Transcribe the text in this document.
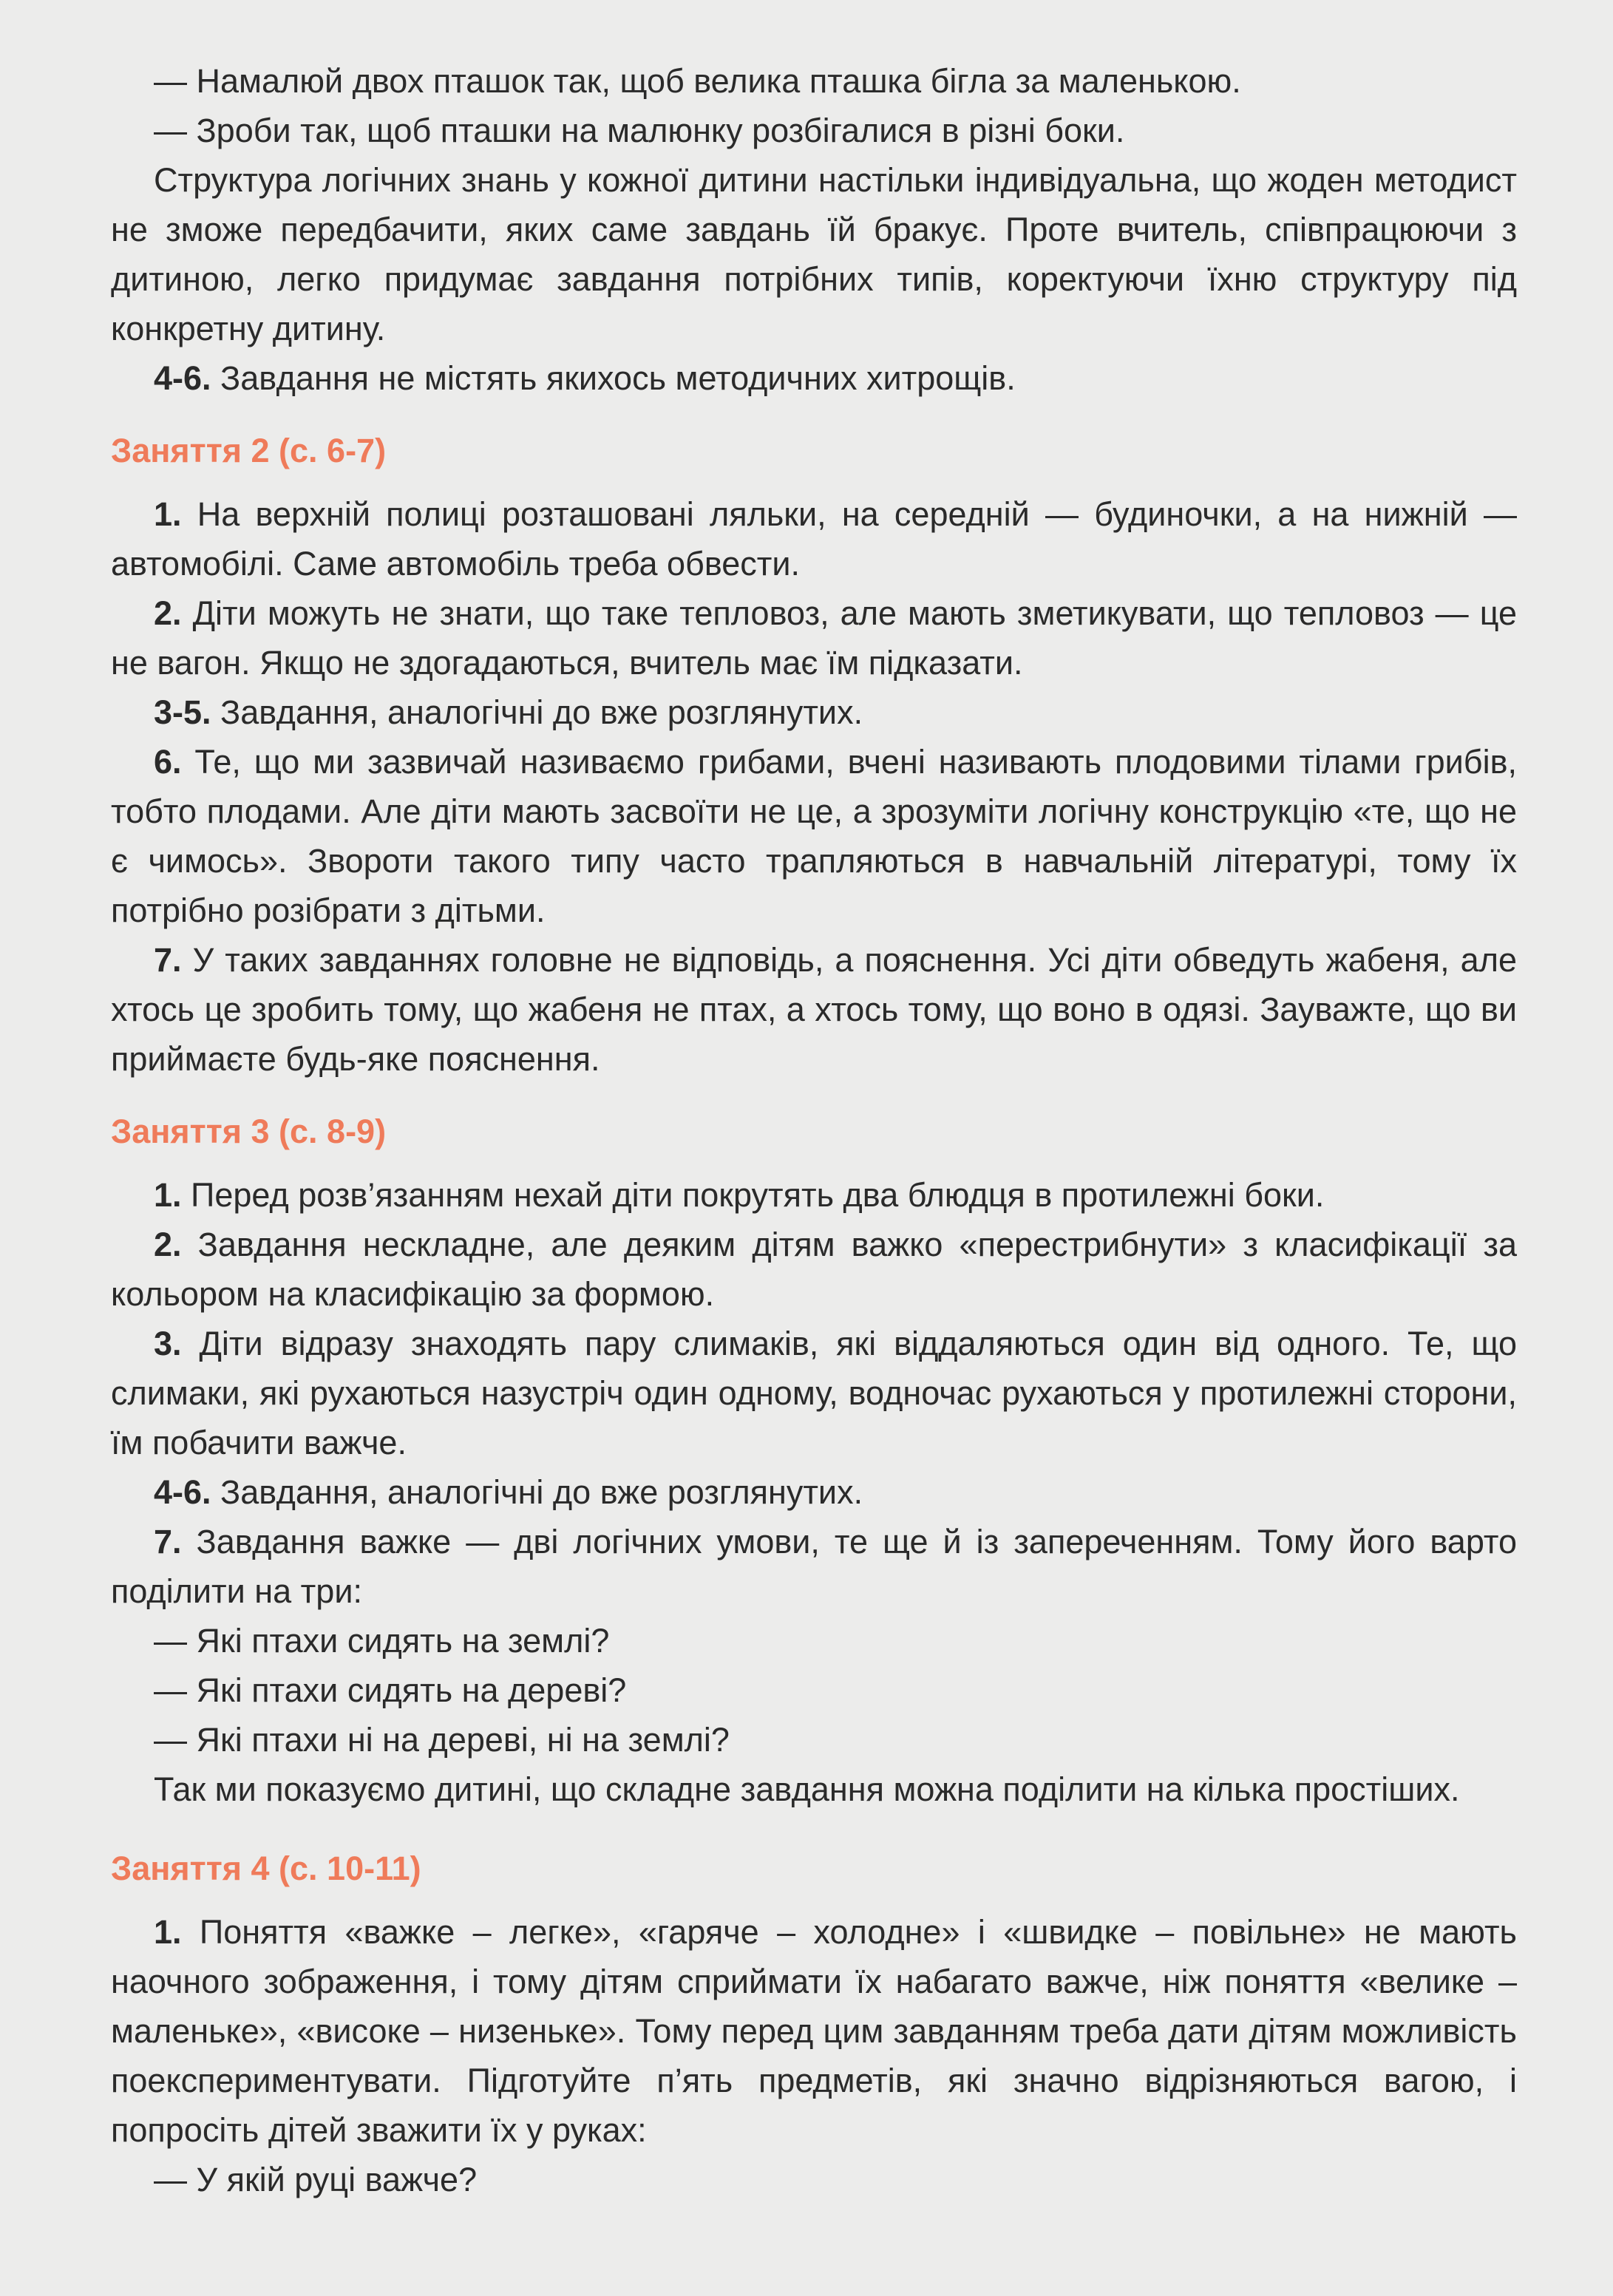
— Намалюй двох пташок так, щоб велика пташка бігла за маленькою.

— Зроби так, щоб пташки на малюнку розбігалися в різні боки.

Структура логічних знань у кожної дитини настільки індивідуальна, що жоден методист не зможе передбачити, яких саме завдань їй бракує. Проте вчитель, співпрацюючи з дитиною, легко придумає завдання потрібних типів, коректуючи їхню структуру під конкретну дитину.

4-6. Завдання не містять якихось методичних хитрощів.

Заняття 2 (с. 6-7)

1. На верхній полиці розташовані ляльки, на середній — будиночки, а на нижній — автомобілі. Саме автомобіль треба обвести.

2. Діти можуть не знати, що таке тепловоз, але мають зметикувати, що тепловоз — це не вагон. Якщо не здогадаються, вчитель має їм підказати.

3-5. Завдання, аналогічні до вже розглянутих.

6. Те, що ми зазвичай називаємо грибами, вчені називають плодовими тілами грибів, тобто плодами. Але діти мають засвоїти не це, а зрозуміти логічну конструкцію «те, що не є чимось». Звороти такого типу часто трапляються в навчальній літературі, тому їх потрібно розібрати з дітьми.

7. У таких завданнях головне не відповідь, а пояснення. Усі діти обведуть жабеня, але хтось це зробить тому, що жабеня не птах, а хтось тому, що воно в одязі. Зауважте, що ви приймаєте будь-яке пояснення.

Заняття 3 (с. 8-9)

1. Перед розв’язанням нехай діти покрутять два блюдця в протилежні боки.

2. Завдання нескладне, але деяким дітям важко «перестрибнути» з класифікації за кольором на класифікацію за формою.

3. Діти відразу знаходять пару слимаків, які віддаляються один від одного. Те, що слимаки, які рухаються назустріч один одному, водночас рухаються у протилежні сторони, їм побачити важче.

4-6. Завдання, аналогічні до вже розглянутих.

7. Завдання важке — дві логічних умови, те ще й із запереченням. Тому його варто поділити на три:

— Які птахи сидять на землі?

— Які птахи сидять на дереві?

— Які птахи ні на дереві, ні на землі?

Так ми показуємо дитині, що складне завдання можна поділити на кілька простіших.

Заняття 4 (с. 10-11)

1. Поняття «важке – легке», «гаряче – холодне» і «швидке – повільне» не мають наочного зображення, і тому дітям сприймати їх набагато важче, ніж поняття «велике – маленьке», «високе – низеньке». Тому перед цим завданням треба дати дітям можливість поекспериментувати. Підготуйте п’ять предметів, які значно відрізняються вагою, і попросіть дітей зважити їх у руках:

— У якій руці важче?
